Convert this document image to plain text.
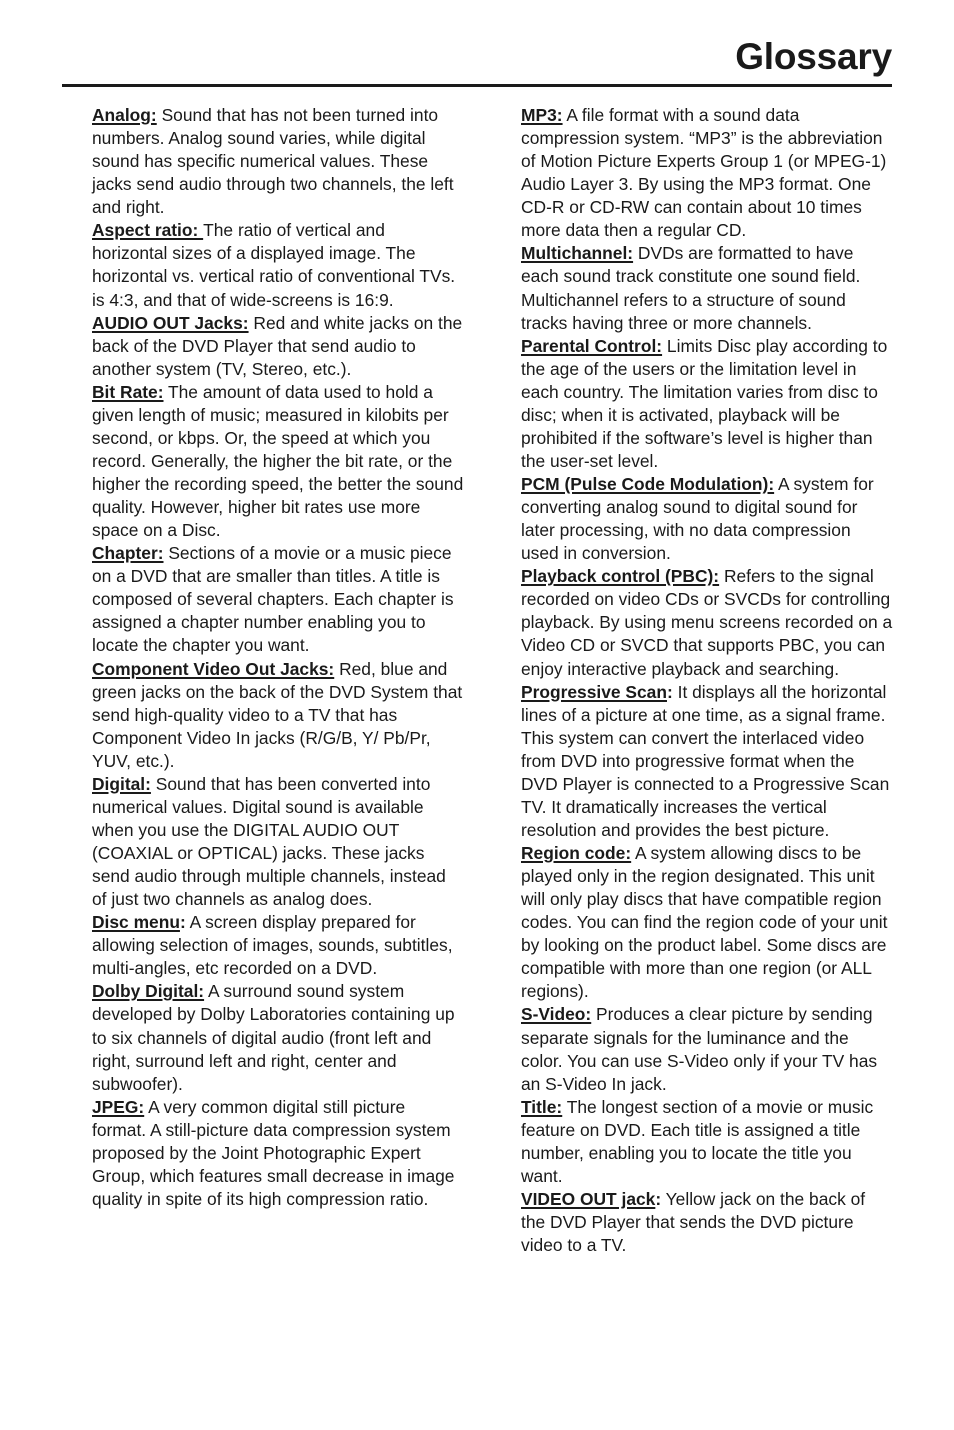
Glossary

Analog: Sound that has not been turned into numbers. Analog sound varies, while digital sound has specific numerical values. These jacks send audio through two channels, the left and right.

Aspect ratio: The ratio of vertical and horizontal sizes of a displayed image. The horizontal vs. vertical ratio of conventional TVs. is 4:3, and that of wide-screens is 16:9.

AUDIO OUT Jacks: Red and white jacks on the back of the DVD Player that send audio to another system (TV, Stereo, etc.).

Bit Rate: The amount of data used to hold a given length of music; measured in kilobits per second, or kbps. Or, the speed at which you record. Generally, the higher the bit rate, or the higher the recording speed, the better the sound quality. However, higher bit rates use more space on a Disc.

Chapter: Sections of a movie or a music piece on a DVD that are smaller than titles. A title is composed of several chapters. Each chapter is assigned a chapter number enabling you to locate the chapter you want.

Component Video Out Jacks: Red, blue and green jacks on the back of the DVD System that send high-quality video to a TV that has Component Video In jacks (R/G/B, Y/ Pb/Pr, YUV, etc.).

Digital: Sound that has been converted into numerical values. Digital sound is available when you use the DIGITAL AUDIO OUT (COAXIAL or OPTICAL) jacks. These jacks send audio through multiple channels, instead of just two channels as analog does.

Disc menu: A screen display prepared for allowing selection of images, sounds, subtitles, multi-angles, etc recorded on a DVD.

Dolby Digital: A surround sound system developed by Dolby Laboratories containing up to six channels of digital audio (front left and right, surround left and right, center and subwoofer).

JPEG: A very common digital still picture format. A still-picture data compression system proposed by the Joint Photographic Expert Group, which features small decrease in image quality in spite of its high compression ratio.

MP3: A file format with a sound data compression system. “MP3” is the abbreviation of Motion Picture Experts Group 1 (or MPEG-1) Audio Layer 3. By using the MP3 format. One CD-R or CD-RW can contain about 10 times more data then a regular CD.

Multichannel: DVDs are formatted to have each sound track constitute one sound field. Multichannel refers to a structure of sound tracks having three or more channels.

Parental Control: Limits Disc play according to the age of the users or the limitation level in each country. The limitation varies from disc to disc; when it is activated, playback will be prohibited if the software’s level is higher than the user-set level.

PCM (Pulse Code Modulation): A system for converting analog sound to digital sound for later processing, with no data compression used in conversion.

Playback control (PBC): Refers to the signal recorded on video CDs or SVCDs for controlling playback. By using menu screens recorded on a Video CD or SVCD that supports PBC, you can enjoy interactive playback and searching.

Progressive Scan: It displays all the horizontal lines of a picture at one time, as a signal frame. This system can convert the interlaced video from DVD into progressive format when the DVD Player is connected to a Progressive Scan TV. It dramatically increases the vertical resolution and provides the best picture.

Region code: A system allowing discs to be played only in the region designated. This unit will only play discs that have compatible region codes. You can find the region code of your unit by looking on the product label. Some discs are compatible with more than one region (or ALL regions).

S-Video: Produces a clear picture by sending separate signals for the luminance and the color. You can use S-Video only if your TV has an S-Video In jack.

Title: The longest section of a movie or music feature on DVD. Each title is assigned a title number, enabling you to locate the title you want.

VIDEO OUT jack: Yellow jack on the back of the DVD Player that sends the DVD picture video to a TV.
